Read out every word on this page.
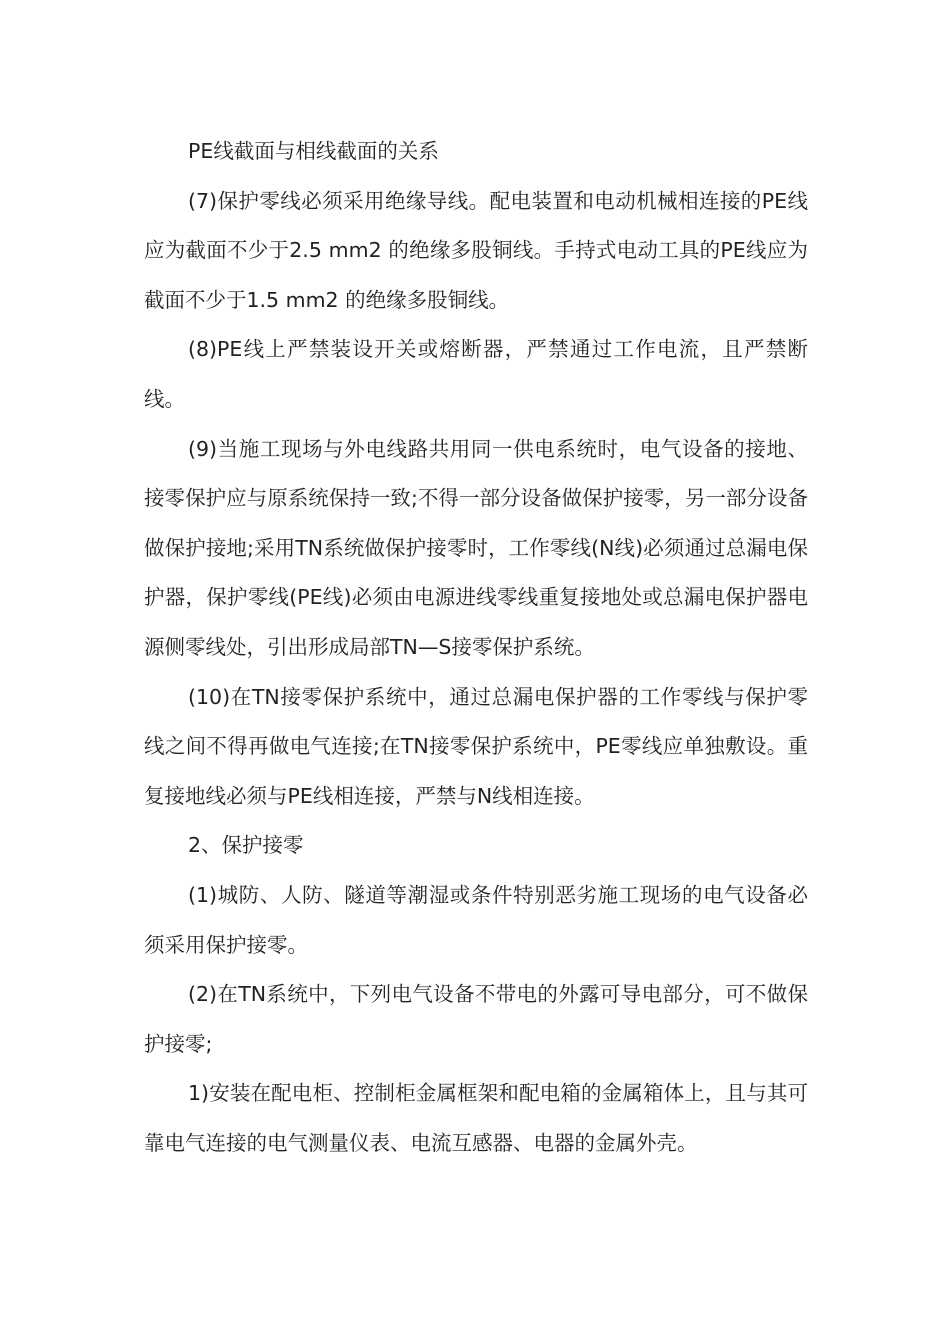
PE线截面与相线截面的关系

(7)保护零线必须采用绝缘导线。配电装置和电动机械相连接的PE线应为截面不少于2.5 mm2 的绝缘多股铜线。手持式电动工具的PE线应为截面不少于1.5 mm2 的绝缘多股铜线。

(8)PE线上严禁装设开关或熔断器，严禁通过工作电流，且严禁断线。

(9)当施工现场与外电线路共用同一供电系统时，电气设备的接地、接零保护应与原系统保持一致;不得一部分设备做保护接零，另一部分设备做保护接地;采用TN系统做保护接零时，工作零线(N线)必须通过总漏电保护器，保护零线(PE线)必须由电源进线零线重复接地处或总漏电保护器电源侧零线处，引出形成局部TN—S接零保护系统。

(10)在TN接零保护系统中，通过总漏电保护器的工作零线与保护零线之间不得再做电气连接;在TN接零保护系统中，PE零线应单独敷设。重复接地线必须与PE线相连接，严禁与N线相连接。

2、保护接零

(1)城防、人防、隧道等潮湿或条件特别恶劣施工现场的电气设备必须采用保护接零。

(2)在TN系统中，下列电气设备不带电的外露可导电部分，可不做保护接零;

1)安装在配电柜、控制柜金属框架和配电箱的金属箱体上，且与其可靠电气连接的电气测量仪表、电流互感器、电器的金属外壳。
